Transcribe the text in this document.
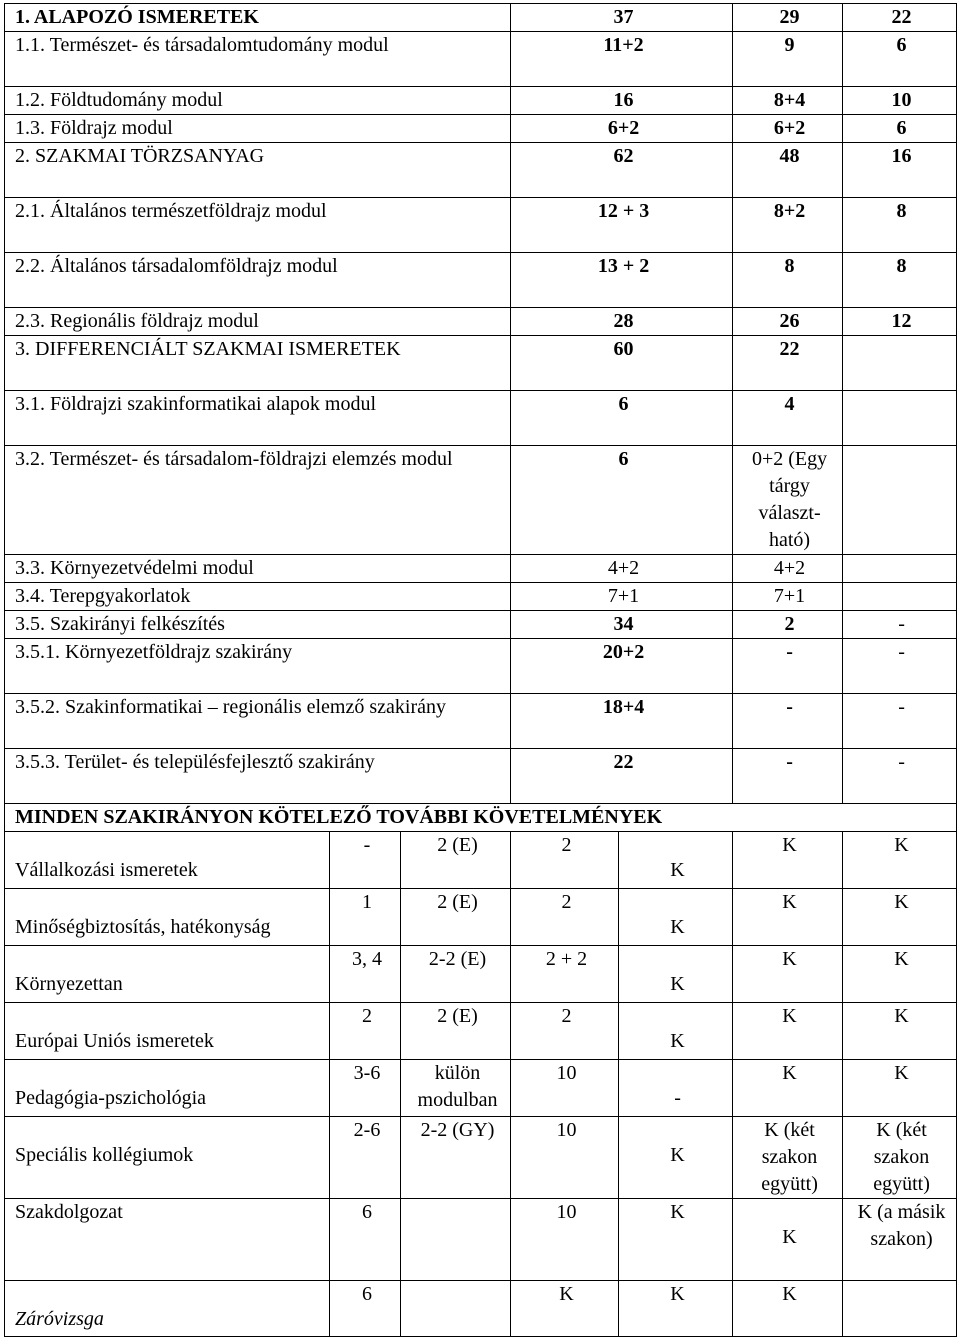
1. ALAPOZÓ ISMERETEK			37		29	22
1.1. Természet- és társadalomtudomány modul			11+2		9	6
1.2. Földtudomány modul			16		8+4	10
1.3. Földrajz modul			6+2		6+2	6
2. SZAKMAI TÖRZSANYAG			62		48	16
2.1. Általános természetföldrajz modul			12 + 3		8+2	8
2.2. Általános társadalomföldrajz modul			13 + 2		8	8
2.3. Regionális földrajz modul			28		26	12
3. DIFFERENCIÁLT SZAKMAI ISMERETEK			60		22	
3.1. Földrajzi szakinformatikai alapok modul			6		4	
3.2. Természet- és társadalom-földrajzi elemzés modul			6		0+2 (Egy tárgy választ-ható)	
3.3. Környezetvédelmi modul			4+2		4+2	
3.4. Terepgyakorlatok			7+1		7+1	
3.5. Szakirányi felkészítés			34		2	-
3.5.1. Környezetföldrajz szakirány			20+2		-	-
3.5.2. Szakinformatikai – regionális elemző szakirány			18+4		-	-
3.5.3. Terület- és településfejlesztő szakirány			22		-	-
MINDEN SZAKIRÁNYON KÖTELEZŐ TOVÁBBI KÖVETELMÉNYEK						

Vállalkozási ismeretek	-	2 (E)	2	K	K	K

Minőségbiztosítás, hatékonyság	1	2 (E)	2	K	K	K

Környezettan	3, 4	2-2 (E)	2 + 2	K	K	K

Európai Uniós ismeretek	2	2 (E)	2	K	K	K

Pedagógia-pszichológia	3-6	külön modulban	10	-	K	K

Speciális kollégiumok	2-6	2-2 (GY)	10	K	K (két szakon együtt)	K (két szakon együtt)

Szakdolgozat	6		10	K	K	K (a másik szakon)

Záróvizsga	6		K	K	K	
